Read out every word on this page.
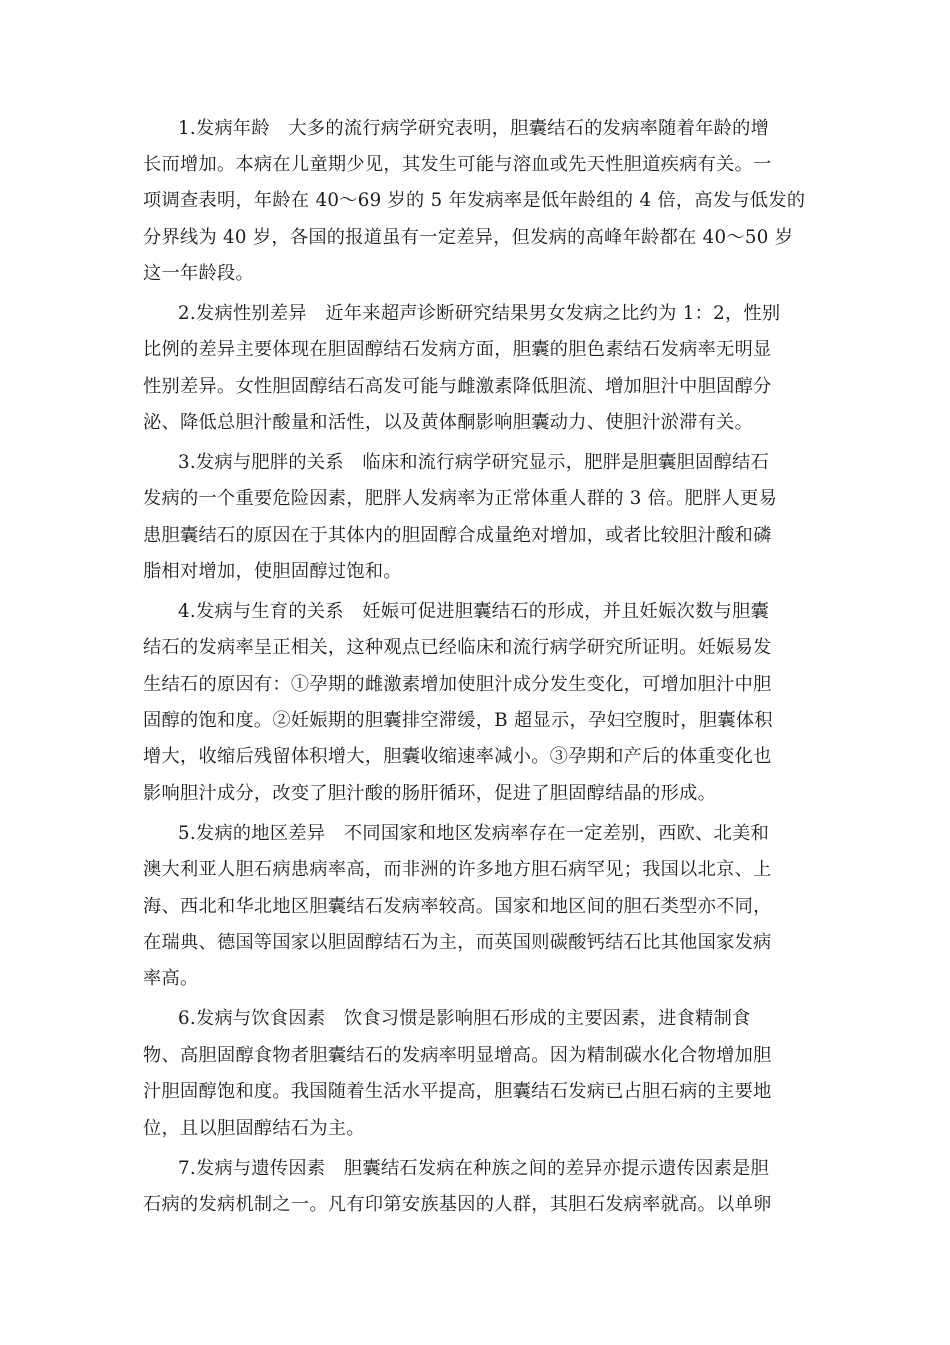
1.发病年龄　大多的流行病学研究表明，胆囊结石的发病率随着年龄的增
长而增加。本病在儿童期少见，其发生可能与溶血或先天性胆道疾病有关。一
项调查表明，年龄在 40～69 岁的 5 年发病率是低年龄组的 4 倍，高发与低发的
分界线为 40 岁，各国的报道虽有一定差异，但发病的高峰年龄都在 40～50 岁
这一年龄段。
2.发病性别差异　近年来超声诊断研究结果男女发病之比约为 1：2，性别
比例的差异主要体现在胆固醇结石发病方面，胆囊的胆色素结石发病率无明显
性别差异。女性胆固醇结石高发可能与雌激素降低胆流、增加胆汁中胆固醇分
泌、降低总胆汁酸量和活性，以及黄体酮影响胆囊动力、使胆汁淤滞有关。
3.发病与肥胖的关系　临床和流行病学研究显示，肥胖是胆囊胆固醇结石
发病的一个重要危险因素，肥胖人发病率为正常体重人群的 3 倍。肥胖人更易
患胆囊结石的原因在于其体内的胆固醇合成量绝对增加，或者比较胆汁酸和磷
脂相对增加，使胆固醇过饱和。
4.发病与生育的关系　妊娠可促进胆囊结石的形成，并且妊娠次数与胆囊
结石的发病率呈正相关，这种观点已经临床和流行病学研究所证明。妊娠易发
生结石的原因有：①孕期的雌激素增加使胆汁成分发生变化，可增加胆汁中胆
固醇的饱和度。②妊娠期的胆囊排空滞缓，B 超显示，孕妇空腹时，胆囊体积
增大，收缩后残留体积增大，胆囊收缩速率减小。③孕期和产后的体重变化也
影响胆汁成分，改变了胆汁酸的肠肝循环，促进了胆固醇结晶的形成。
5.发病的地区差异　不同国家和地区发病率存在一定差别，西欧、北美和
澳大利亚人胆石病患病率高，而非洲的许多地方胆石病罕见；我国以北京、上
海、西北和华北地区胆囊结石发病率较高。国家和地区间的胆石类型亦不同，
在瑞典、德国等国家以胆固醇结石为主，而英国则碳酸钙结石比其他国家发病
率高。
6.发病与饮食因素　饮食习惯是影响胆石形成的主要因素，进食精制食
物、高胆固醇食物者胆囊结石的发病率明显增高。因为精制碳水化合物增加胆
汁胆固醇饱和度。我国随着生活水平提高，胆囊结石发病已占胆石病的主要地
位，且以胆固醇结石为主。
7.发病与遗传因素　胆囊结石发病在种族之间的差异亦提示遗传因素是胆
石病的发病机制之一。凡有印第安族基因的人群，其胆石发病率就高。以单卵
